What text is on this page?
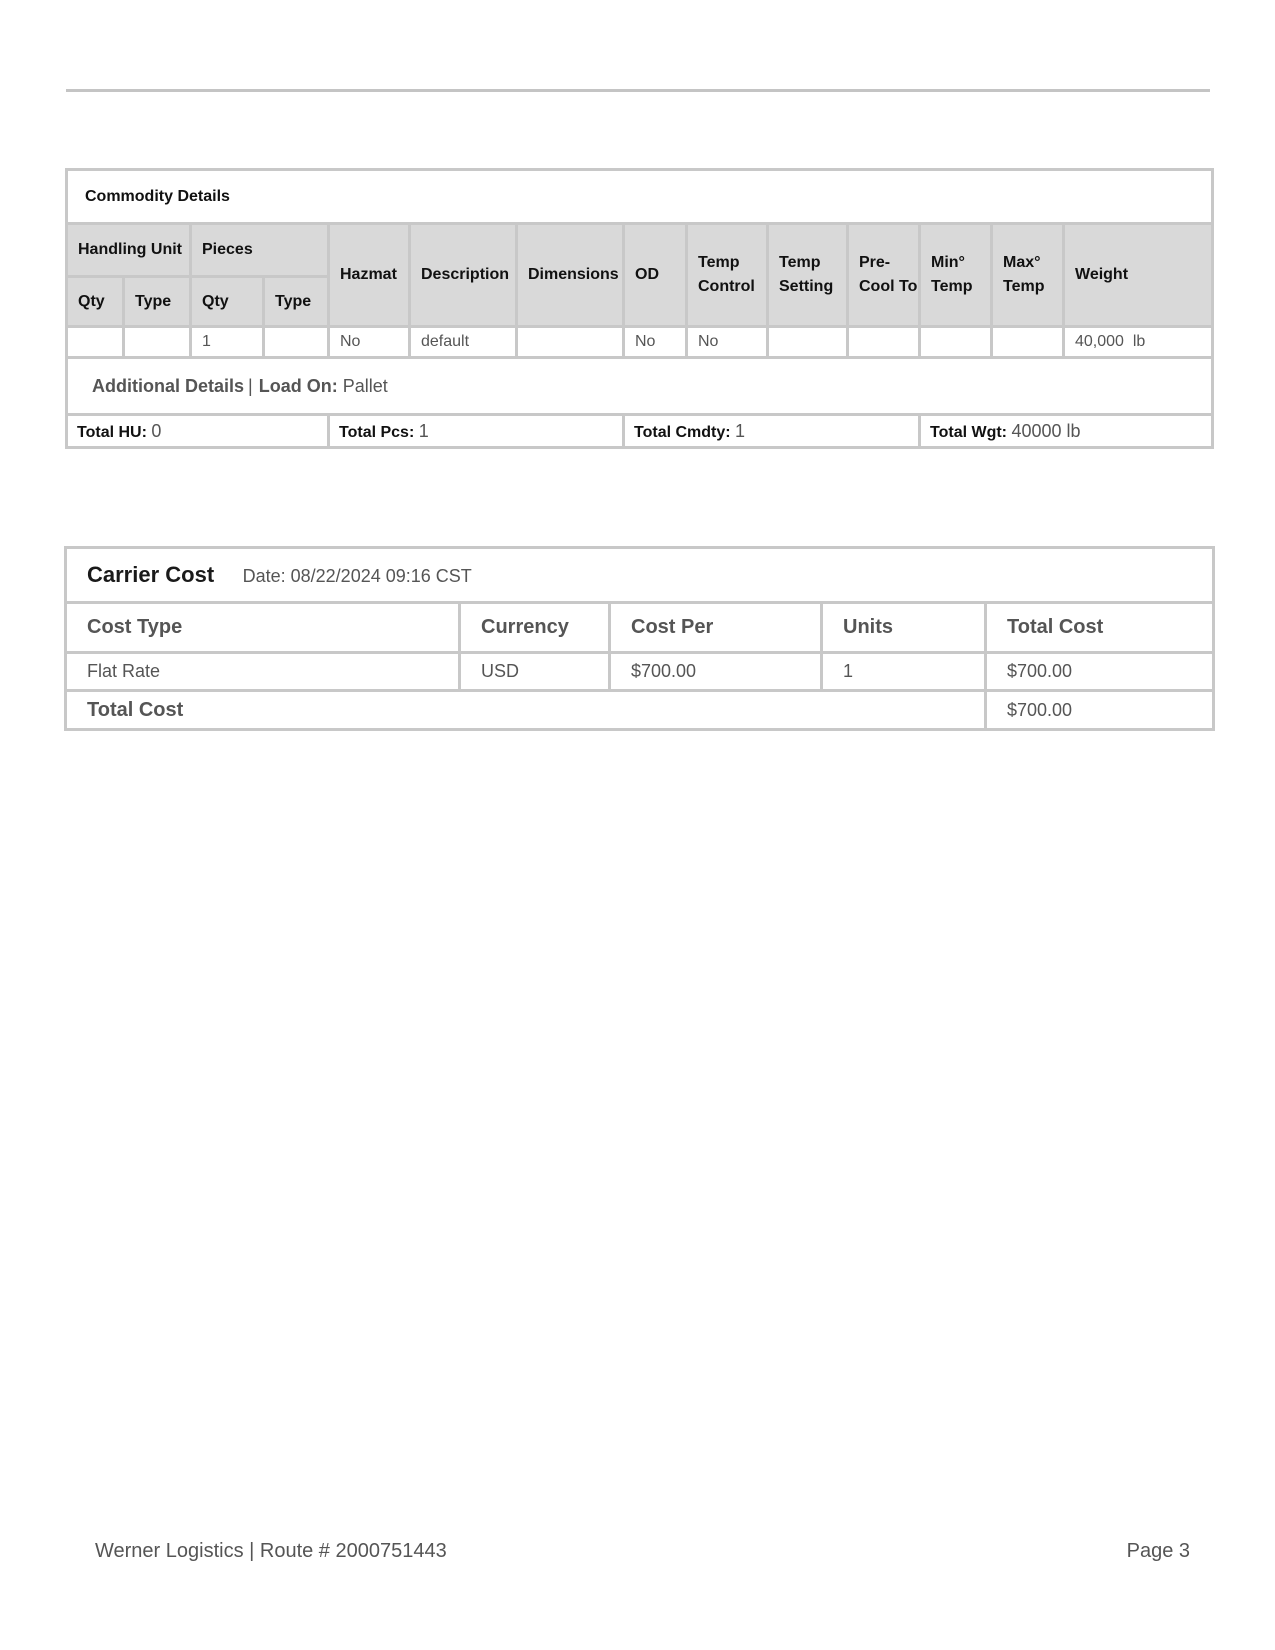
Commodity Details													
Handling Unit		Pieces		Hazmat	Description	Dimensions	OD	Temp Control	Temp Setting	Pre-Cool To	Min° Temp	Max° Temp	Weight
Qty	Type	Qty	Type										
		1		No	default		No	No					40,000  lb
Additional Details | Load On: Pallet													
Total HU: 0				Total Pcs: 1			Total Cmdty: 1				Total Wgt: 40000 lb		
Carrier Cost Date: 08/22/2024 09:16 CST				
Cost Type	Currency	Cost Per	Units	Total Cost
Flat Rate	USD	$700.00	1	$700.00
Total Cost				$700.00
Werner Logistics | Route # 2000751443	Page 3
